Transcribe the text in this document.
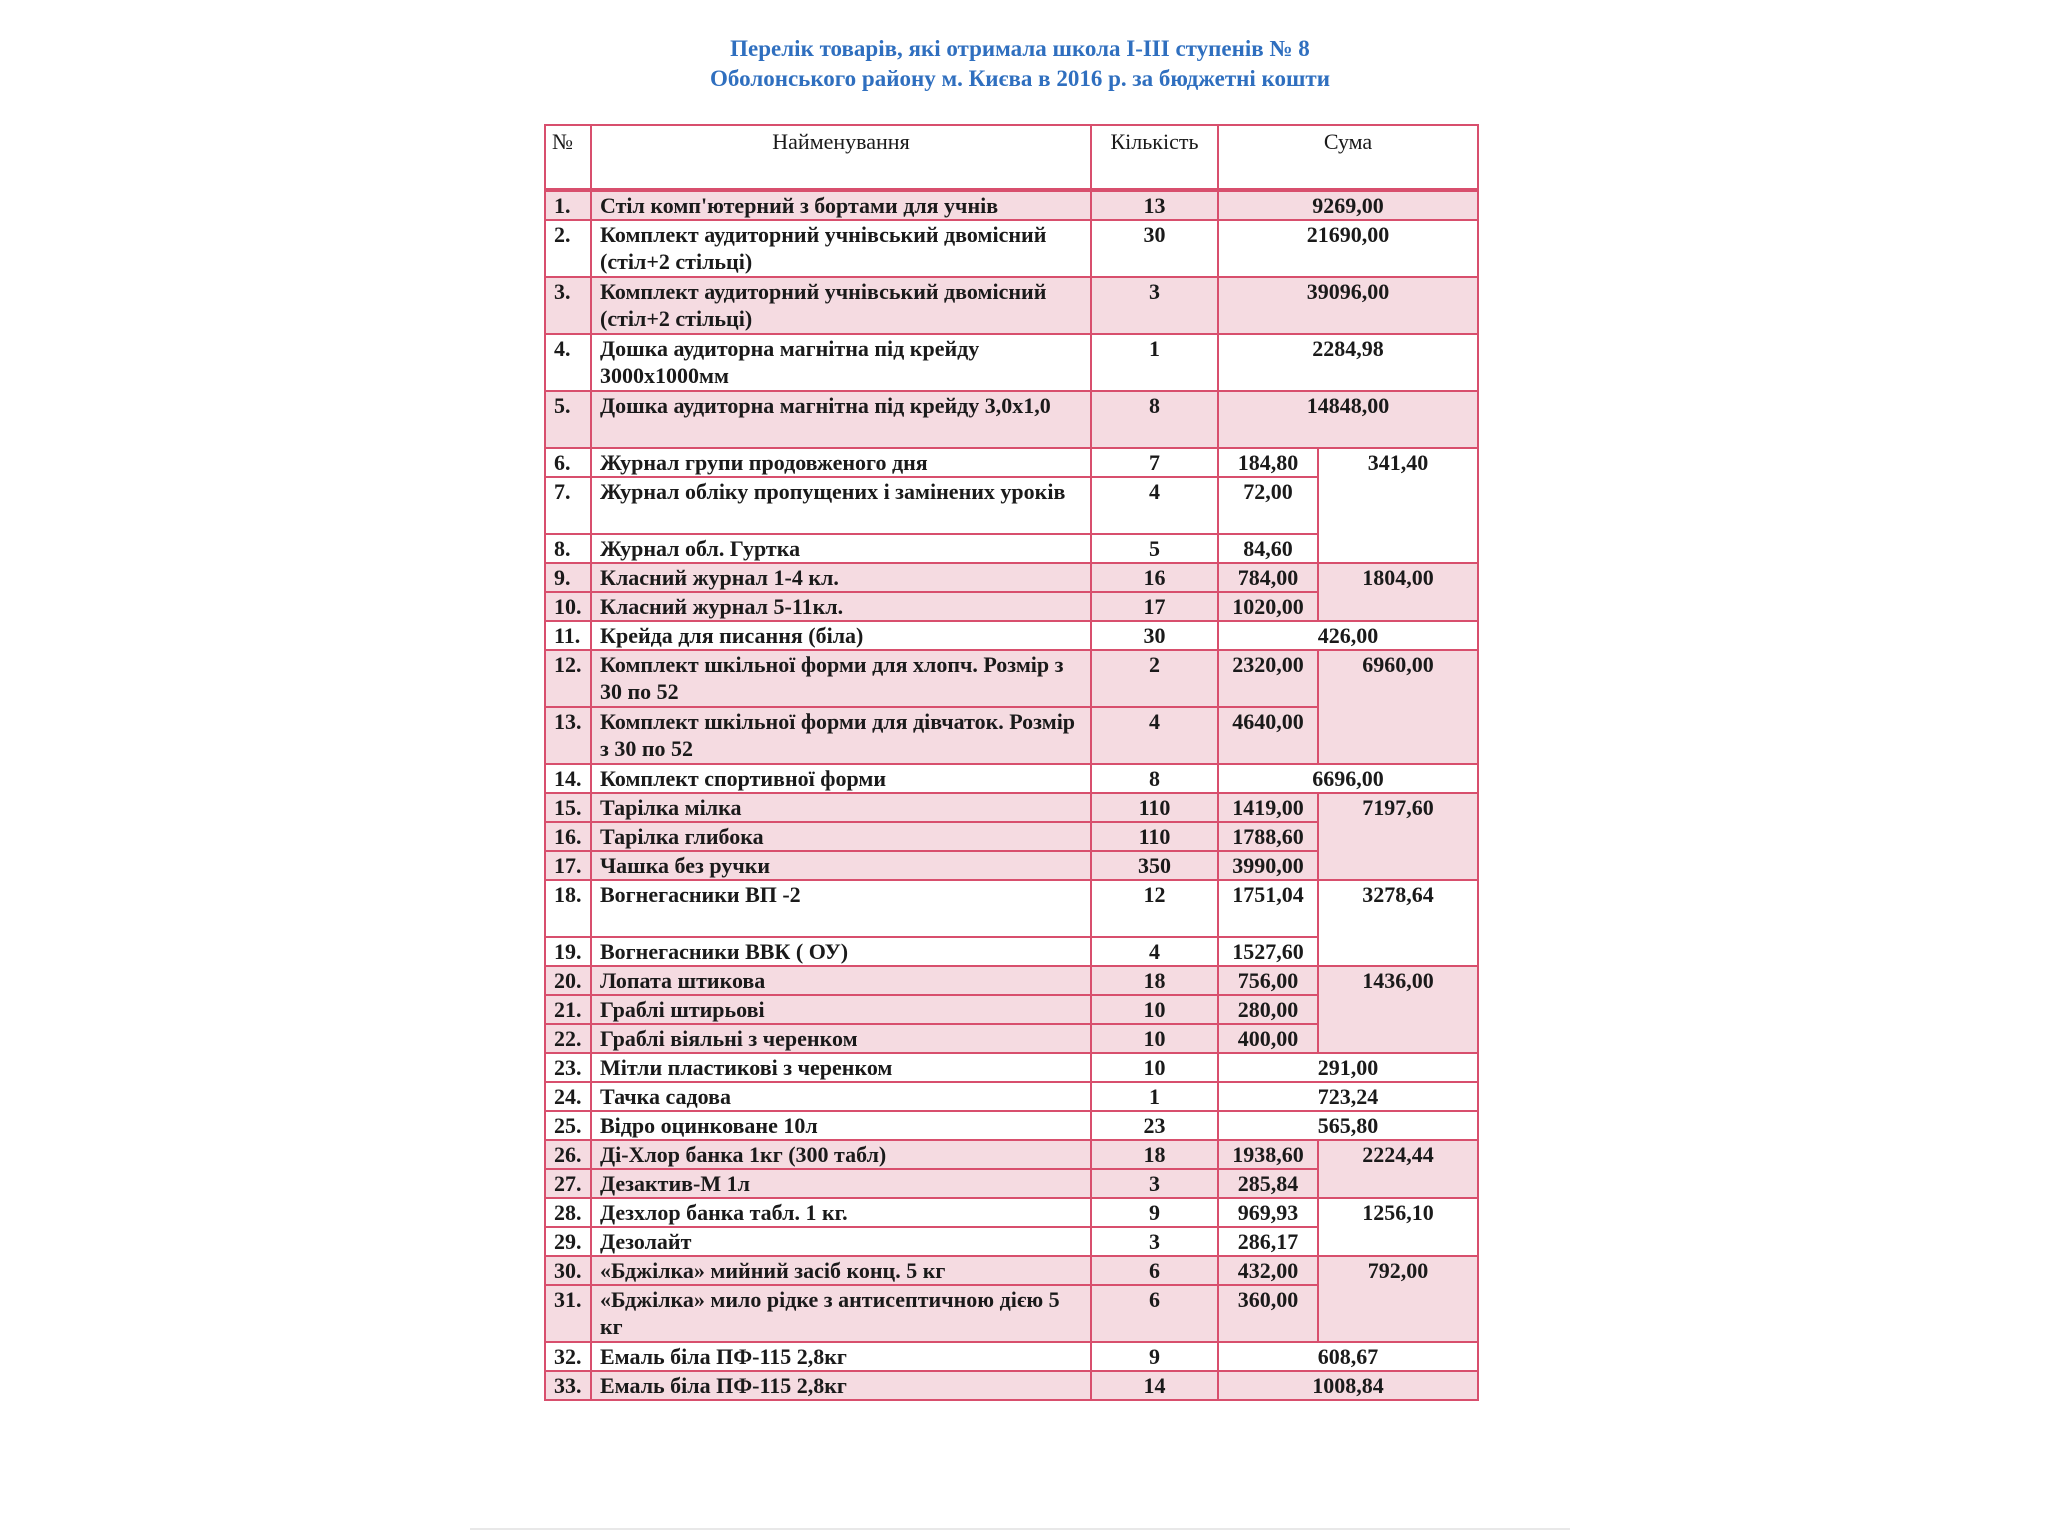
Перелік товарів, які отримала школа І-ІІІ ступенів № 8
Оболонського району м. Києва в 2016 р. за бюджетні кошти
№	Найменування	Кількість	Сума	
1.	Стіл комп'ютерний з бортами для учнів	13	9269,00	
2.	Комплект аудиторний учнівський двомісний (стіл+2 стільці)	30	21690,00	
3.	Комплект аудиторний учнівський двомісний (стіл+2 стільці)	3	39096,00	
4.	Дошка аудиторна магнітна під крейду 3000х1000мм	1	2284,98	
5.	Дошка аудиторна магнітна під крейду 3,0х1,0	8	14848,00	
6.	Журнал групи продовженого дня	7	184,80	341,40
7.	Журнал обліку пропущених і замінених уроків	4	72,00	
8.	Журнал обл. Гуртка	5	84,60	
9.	Класний журнал 1-4 кл.	16	784,00	1804,00
10.	Класний журнал 5-11кл.	17	1020,00	
11.	Крейда для писання (біла)	30	426,00	
12.	Комплект шкільної форми для хлопч. Розмір з 30 по 52	2	2320,00	6960,00
13.	Комплект шкільної форми для дівчаток. Розмір з 30 по 52	4	4640,00	
14.	Комплект спортивної форми	8	6696,00	
15.	Тарілка мілка	110	1419,00	7197,60
16.	Тарілка глибока	110	1788,60	
17.	Чашка без ручки	350	3990,00	
18.	Вогнегасники ВП -2	12	1751,04	3278,64
19.	Вогнегасники ВВК ( ОУ)	4	1527,60	
20.	Лопата штикова	18	756,00	1436,00
21.	Граблі штирьові	10	280,00	
22.	Граблі віяльні з черенком	10	400,00	
23.	Мітли пластикові з черенком	10	291,00	
24.	Тачка садова	1	723,24	
25.	Відро оцинковане 10л	23	565,80	
26.	Ді-Хлор банка 1кг (300 табл)	18	1938,60	2224,44
27.	Дезактив-М 1л	3	285,84	
28.	Дезхлор банка табл. 1 кг.	9	969,93	1256,10
29.	Дезолайт	3	286,17	
30.	«Бджілка» мийний засіб конц. 5 кг	6	432,00	792,00
31.	«Бджілка» мило рідке з антисептичною дією 5 кг	6	360,00	
32.	Емаль біла ПФ-115 2,8кг	9	608,67	
33.	Емаль біла ПФ-115 2,8кг	14	1008,84	
